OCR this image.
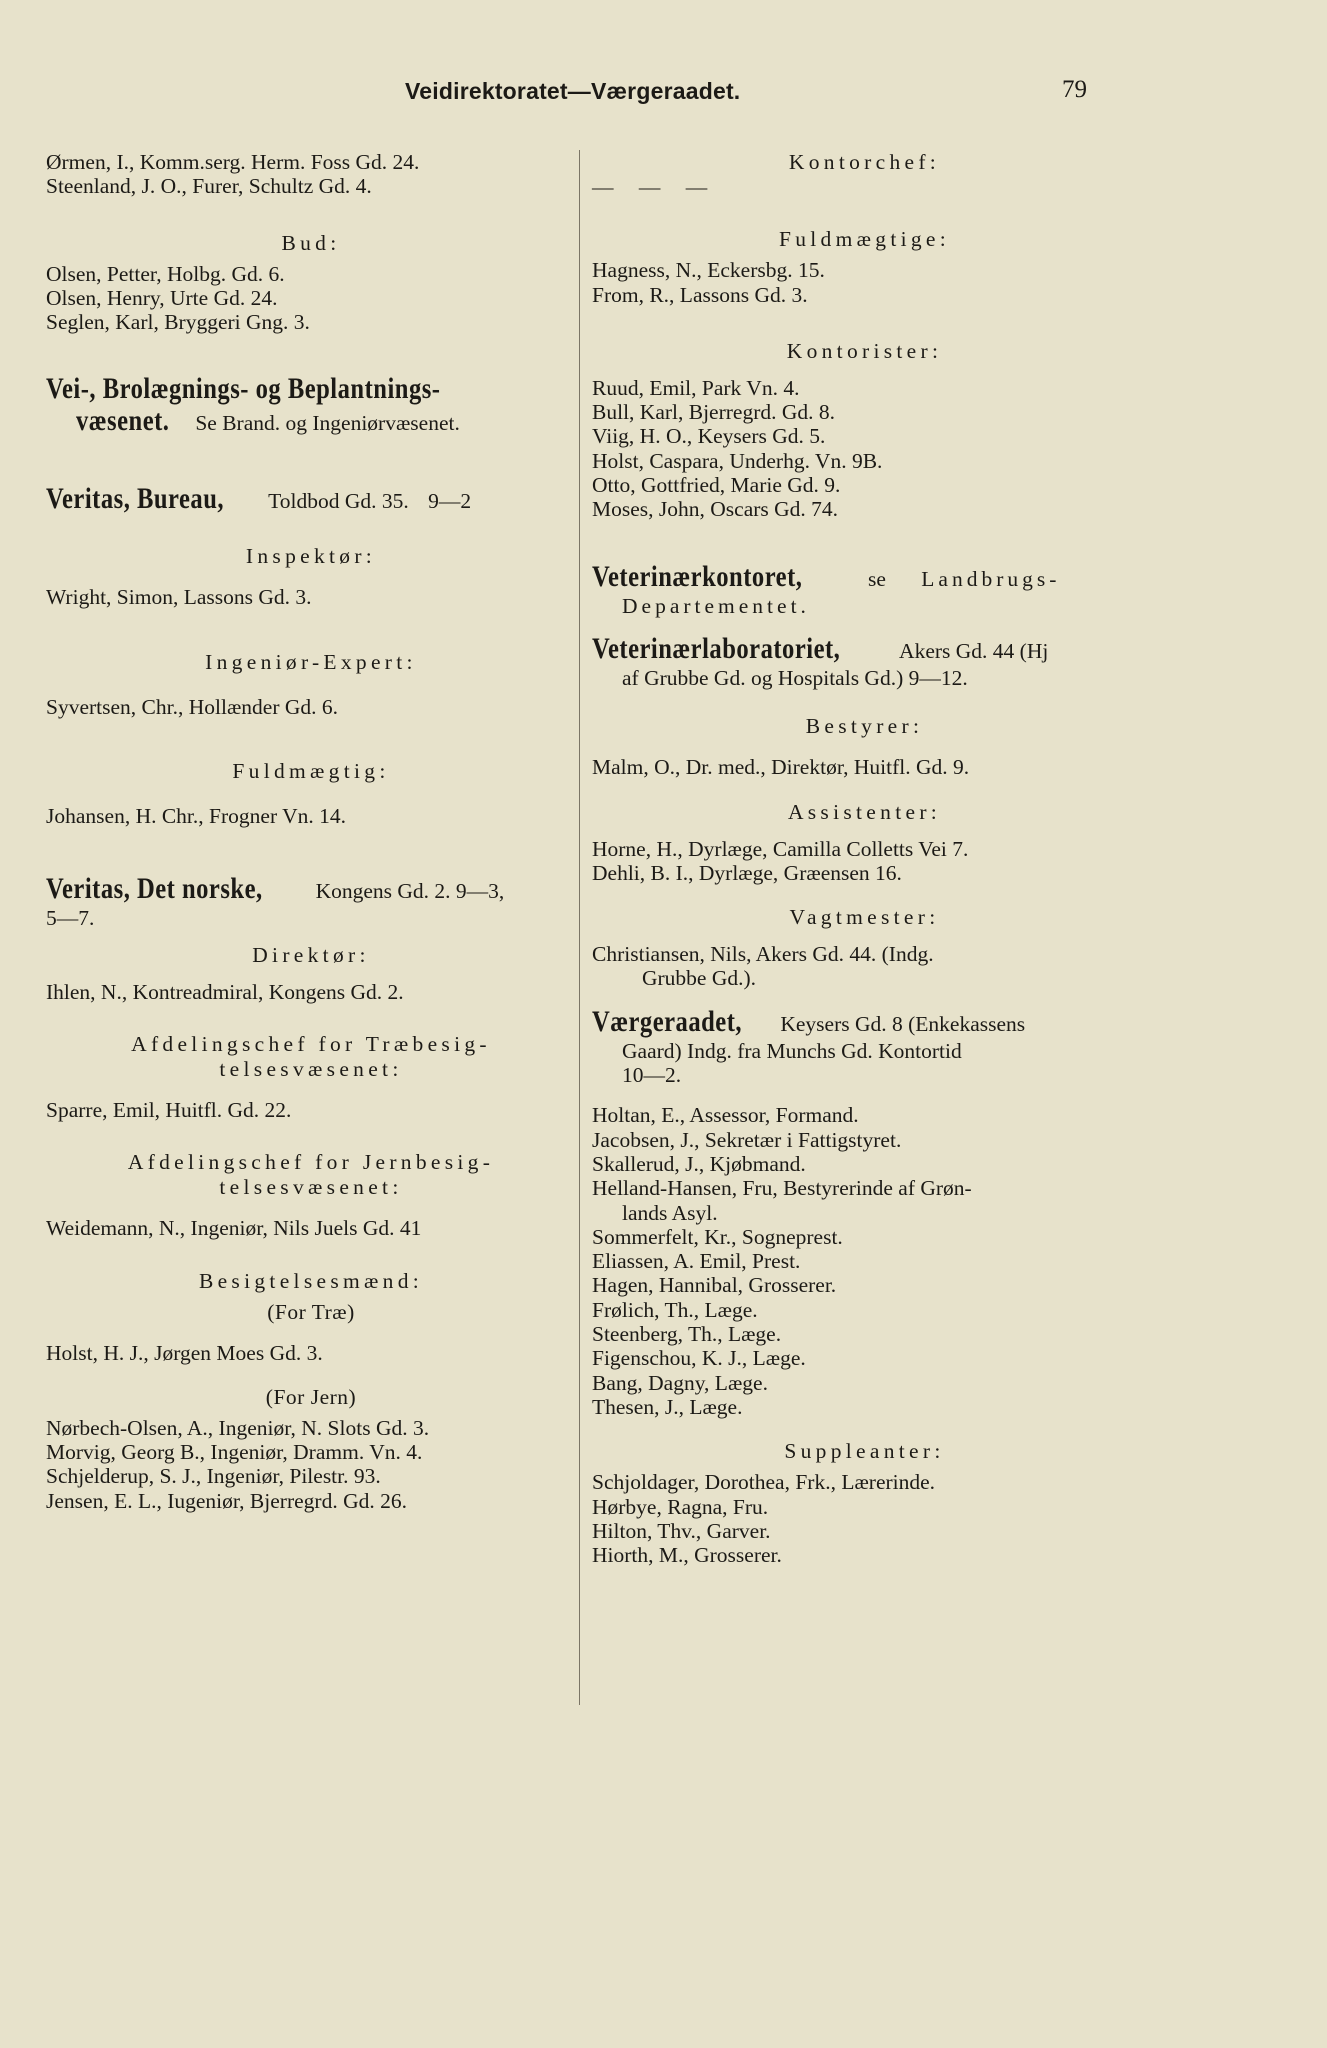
Veidirektoratet—Værgeraadet.	79
Ørmen, I., Komm.serg. Herm. Foss Gd. 24.
Steenland, J. O., Furer, Schultz Gd. 4.
Bud:
Olsen, Petter, Holbg. Gd. 6.
Olsen, Henry, Urte Gd. 24.
Seglen, Karl, Bryggeri Gng. 3.
Vei-, Brolægnings- og Beplantnings-
væsenet. Se Brand. og Ingeniørvæsenet.
Veritas, Bureau, Toldbod Gd. 35. 9—2
Inspektør:
Wright, Simon, Lassons Gd. 3.
Ingeniør-Expert:
Syvertsen, Chr., Hollænder Gd. 6.
Fuldmægtig:
Johansen, H. Chr., Frogner Vn. 14.
Veritas, Det norske, Kongens Gd. 2. 9—3,
5—7.
Direktør:
Ihlen, N., Kontreadmiral, Kongens Gd. 2.
Afdelingschef for Træbesig-
telsesvæsenet:
Sparre, Emil, Huitfl. Gd. 22.
Afdelingschef for Jernbesig-
telsesvæsenet:
Weidemann, N., Ingeniør, Nils Juels Gd. 41
Besigtelsesmænd:
(For Træ)
Holst, H. J., Jørgen Moes Gd. 3.
(For Jern)
Nørbech-Olsen, A., Ingeniør, N. Slots Gd. 3.
Morvig, Georg B., Ingeniør, Dramm. Vn. 4.
Schjelderup, S. J., Ingeniør, Pilestr. 93.
Jensen, E. L., Iugeniør, Bjerregrd. Gd. 26.
Kontorchef:
— — —
Fuldmægtige:
Hagness, N., Eckersbg. 15.
From, R., Lassons Gd. 3.
Kontorister:
Ruud, Emil, Park Vn. 4.
Bull, Karl, Bjerregrd. Gd. 8.
Viig, H. O., Keysers Gd. 5.
Holst, Caspara, Underhg. Vn. 9B.
Otto, Gottfried, Marie Gd. 9.
Moses, John, Oscars Gd. 74.
Veterinærkontoret,	se Landbrugs-
Departementet.
Veterinærlaboratoriet,	Akers Gd. 44 (Hj
af Grubbe Gd. og Hospitals Gd.) 9—12.
Bestyrer:
Malm, O., Dr. med., Direktør, Huitfl. Gd. 9.
Assistenter:
Horne, H., Dyrlæge, Camilla Colletts Vei 7.
Dehli, B. I., Dyrlæge, Græensen 16.
Vagtmester:
Christiansen, Nils, Akers Gd. 44. (Indg.
Grubbe Gd.).
Værgeraadet, Keysers Gd. 8 (Enkekassens
Gaard) Indg. fra Munchs Gd. Kontortid
10—2.
Holtan, E., Assessor, Formand.
Jacobsen, J., Sekretær i Fattigstyret.
Skallerud, J., Kjøbmand.
Helland-Hansen, Fru, Bestyrerinde af Grøn-
lands Asyl.
Sommerfelt, Kr., Sogneprest.
Eliassen, A. Emil, Prest.
Hagen, Hannibal, Grosserer.
Frølich, Th., Læge.
Steenberg, Th., Læge.
Figenschou, K. J., Læge.
Bang, Dagny, Læge.
Thesen, J., Læge.
Suppleanter:
Schjoldager, Dorothea, Frk., Lærerinde.
Hørbye, Ragna, Fru.
Hilton, Thv., Garver.
Hiorth, M., Grosserer.
